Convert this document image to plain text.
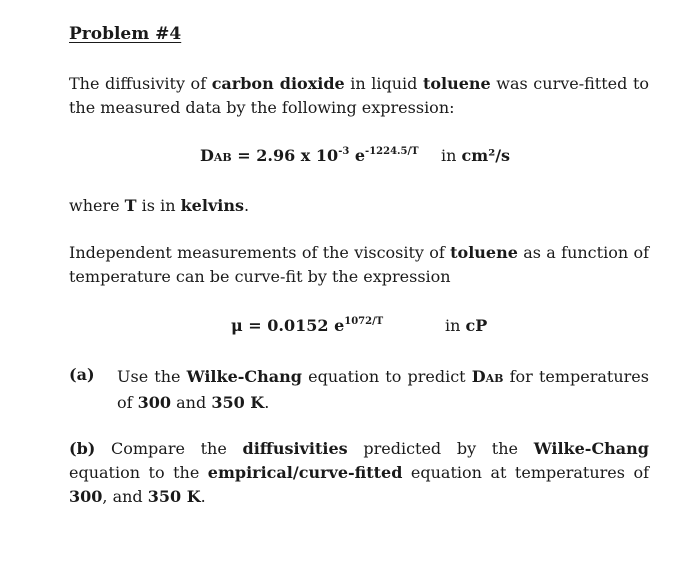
Problem #4
The diffusivity of carbon dioxide in liquid toluene was curve-fitted to the measured data by the following expression:
DAB = 2.96 x $10^{-3}$ $e^{-1224.5/T}$ in cm²/s
where T is in kelvins.
Independent measurements of the viscosity of toluene as a function of temperature can be curve-fit by the expression
μ = 0.0152 $e^{1072/T}$	in cP
(a) Use the Wilke-Chang equation to predict DAB for temperatures of 300 and 350 K.
(b) Compare the diffusivities predicted by the Wilke-Chang equation to the empirical/curve-fitted equation at temperatures of 300, and 350 K.
